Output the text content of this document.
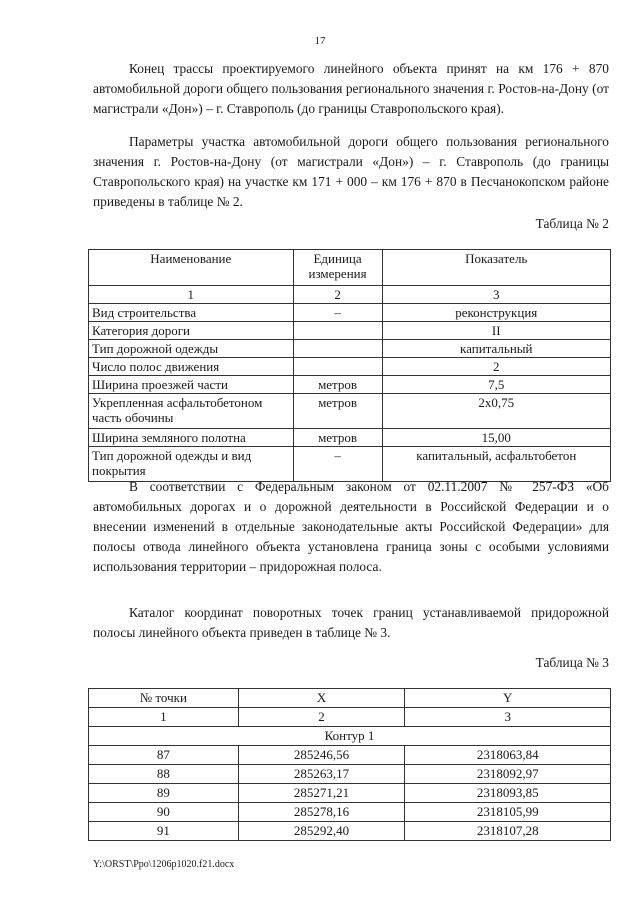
17

Конец трассы проектируемого линейного объекта принят на км 176 + 870 автомобильной дороги общего пользования регионального значения г. Ростов-на-Дону (от магистрали «Дон») – г. Ставрополь (до границы Ставропольского края).

Параметры участка автомобильной дороги общего пользования регионального значения г. Ростов-на-Дону (от магистрали «Дон») – г. Ставрополь (до границы Ставропольского края) на участке км 171 + 000 – км 176 + 870 в Песчанокопском районе приведены в таблице № 2.

Таблица № 2

Наименование	Единица измерения	Показатель
1	2	3
Вид строительства	–	реконструкция
Категория дороги		II
Тип дорожной одежды		капитальный
Число полос движения		2
Ширина проезжей части	метров	7,5
Укрепленная асфальтобетоном часть обочины	метров	2х0,75
Ширина земляного полотна	метров	15,00
Тип дорожной одежды и вид покрытия	–	капитальный, асфальтобетон

В соответствии с Федеральным законом от 02.11.2007 № 257-ФЗ «Об автомобильных дорогах и о дорожной деятельности в Российской Федерации и о внесении изменений в отдельные законодательные акты Российской Федерации» для полосы отвода линейного объекта установлена граница зоны с особыми условиями использования территории – придорожная полоса.

Каталог координат поворотных точек границ устанавливаемой придорожной полосы линейного объекта приведен в таблице № 3.

Таблица № 3

№ точки	X	Y
1	2	3
Контур 1		
87	285246,56	2318063,84
88	285263,17	2318092,97
89	285271,21	2318093,85
90	285278,16	2318105,99
91	285292,40	2318107,28
Y:\ORST\Ppo\1206p1020.f21.docx
